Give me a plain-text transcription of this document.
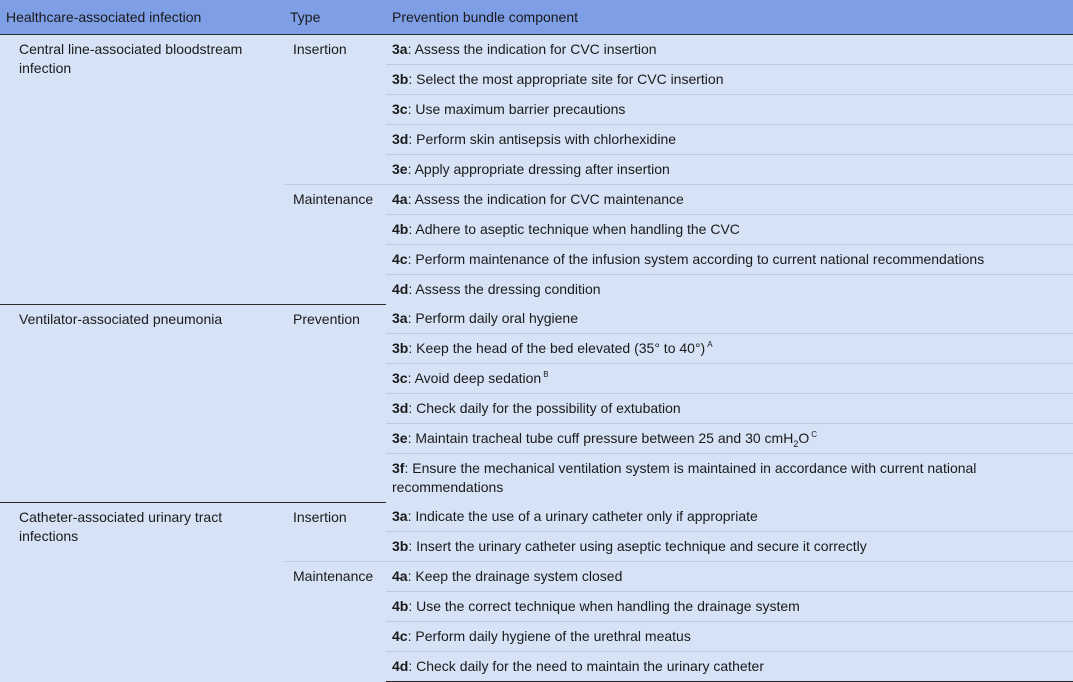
Healthcare-associated infection	Type	Prevention bundle component
Central line-associated bloodstream infection	Insertion	3a: Assess the indication for CVC insertion
		3b: Select the most appropriate site for CVC insertion
		3c: Use maximum barrier precautions
		3d: Perform skin antisepsis with chlorhexidine
		3e: Apply appropriate dressing after insertion
	Maintenance	4a: Assess the indication for CVC maintenance
		4b: Adhere to aseptic technique when handling the CVC
		4c: Perform maintenance of the infusion system according to current national recommendations
		4d: Assess the dressing condition
Ventilator-associated pneumonia	Prevention	3a: Perform daily oral hygiene
		3b: Keep the head of the bed elevated (35° to 40°) $^A$
		3c: Avoid deep sedation $^B$
		3d: Check daily for the possibility of extubation
		3e: Maintain tracheal tube cuff pressure between 25 and 30 cmH$_2$O $^C$
		3f: Ensure the mechanical ventilation system is maintained in accordance with current national recommendations
Catheter-associated urinary tract infections	Insertion	3a: Indicate the use of a urinary catheter only if appropriate
		3b: Insert the urinary catheter using aseptic technique and secure it correctly
	Maintenance	4a: Keep the drainage system closed
		4b: Use the correct technique when handling the drainage system
		4c: Perform daily hygiene of the urethral meatus
		4d: Check daily for the need to maintain the urinary catheter
